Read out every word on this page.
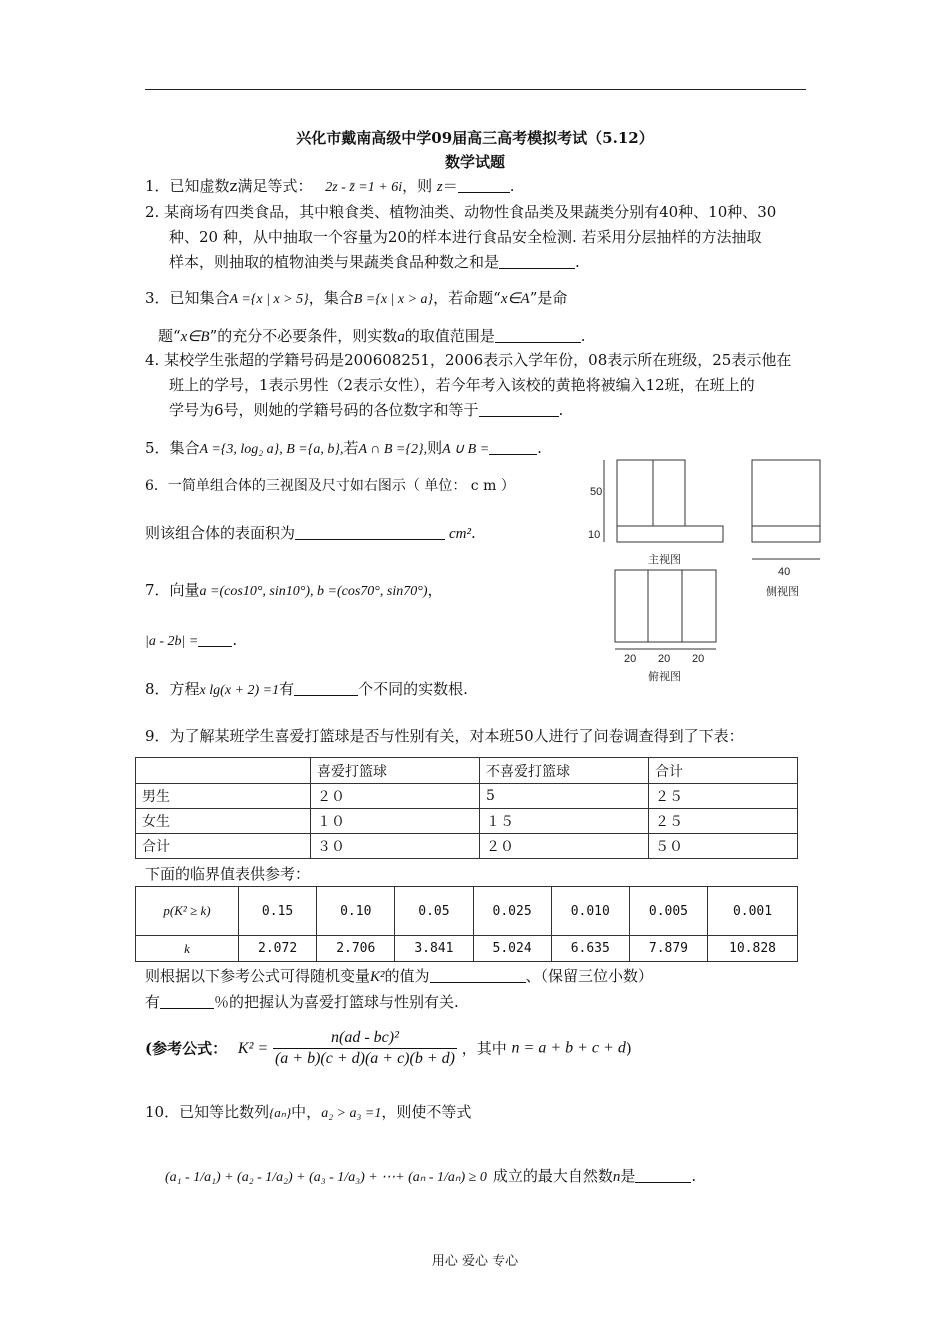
兴化市戴南高级中学09届高三高考模拟考试（5.12）
数学试题
1．已知虚数z满足等式： 2z - z̄ =1 + 6i，则 z＝	.
2. 某商场有四类食品，其中粮食类、植物油类、动物性食品类及果蔬类分别有40种、10种、30
种、20 种，从中抽取一个容量为20的样本进行食品安全检测. 若采用分层抽样的方法抽取
样本，则抽取的植物油类与果蔬类食品种数之和是	.
3．已知集合A ={x | x > 5}，集合B ={x | x > a}，若命题“x∈A”是命
题“x∈B”的充分不必要条件，则实数a的取值范围是	.
4. 某校学生张超的学籍号码是200608251，2006表示入学年份，08表示所在班级，25表示他在
班上的学号，1表示男性（2表示女性），若今年考入该校的黄艳将被编入12班，在班上的
学号为6号，则她的学籍号码的各位数字和等于	.
5．集合A ={3, log₂ a}, B ={a, b},若A ∩ B ={2},则A ∪ B =	.
6．一简单组合体的三视图及尺寸如右图示（ 单位： c m ）
则该组合体的表面积为	cm².
50
10
主视图
40
侧视图
20 20 20
俯视图
7．向量a =(cos10°, sin10°), b =(cos70°, sin70°)，
|a - 2b| = .
8．方程x lg(x + 2) =1有	个不同的实数根.
9．为了解某班学生喜爱打篮球是否与性别有关，对本班50人进行了问卷调查得到了下表：
	喜爱打篮球	不喜爱打篮球	合计
男生	２０	5	２５
女生	１０	１５	２５
合计	３０	２０	５０
下面的临界值表供参考：
p(K² ≥ k)	0.15	0.10	0.05	0.025	0.010	0.005	0.001
k	2.072	2.706	3.841	5.024	6.635	7.879	10.828
则根据以下参考公式可得随机变量K²的值为	、（保留三位小数）
有	％的把握认为喜爱打篮球与性别有关.
(参考公式： $K^2 = \frac{\text{n(ad - bc)²}}{(a + b)(c + d)(a + c)(b + d)}$ ，其中 n = a + b + c + d)
10．已知等比数列{aₙ}中，a₂ > a₃ =1，则使不等式
(a₁ - 1/a₁) + (a₂ - 1/a₂) + (a₃ - 1/a₃) + ⋯+ (aₙ - 1/aₙ) ≥ 0 成立的最大自然数n是	.
用心 爱心 专心
